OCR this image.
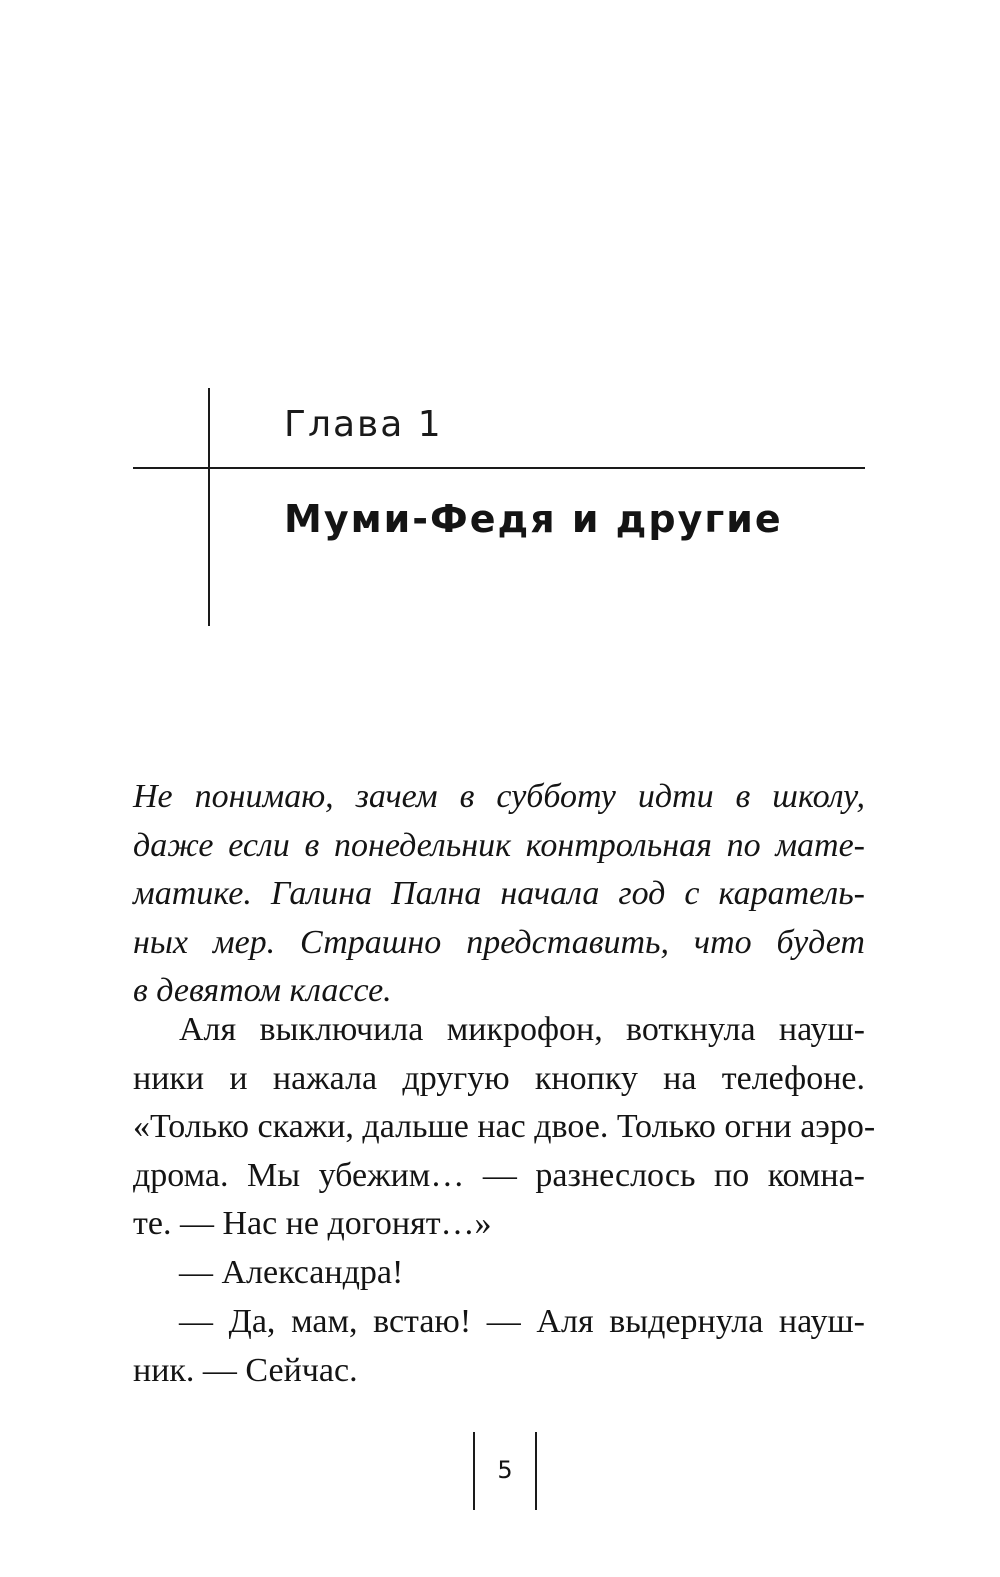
Глава 1
Муми-Федя и другие
Не понимаю, зачем в субботу идти в школу,
даже если в понедельник контрольная по мате-
матике. Галина Пална начала год с каратель-
ных мер. Страшно представить, что будет
в девятом классе.
Аля выключила микрофон, воткнула науш-
ники и нажала другую кнопку на телефоне.
«Только скажи, дальше нас двое. Только огни аэро-
дрома. Мы убежим… — разнеслось по комна-
те. — Нас не догонят…»
— Александра!
— Да, мам, встаю! — Аля выдернула науш-
ник. — Сейчас.
5
